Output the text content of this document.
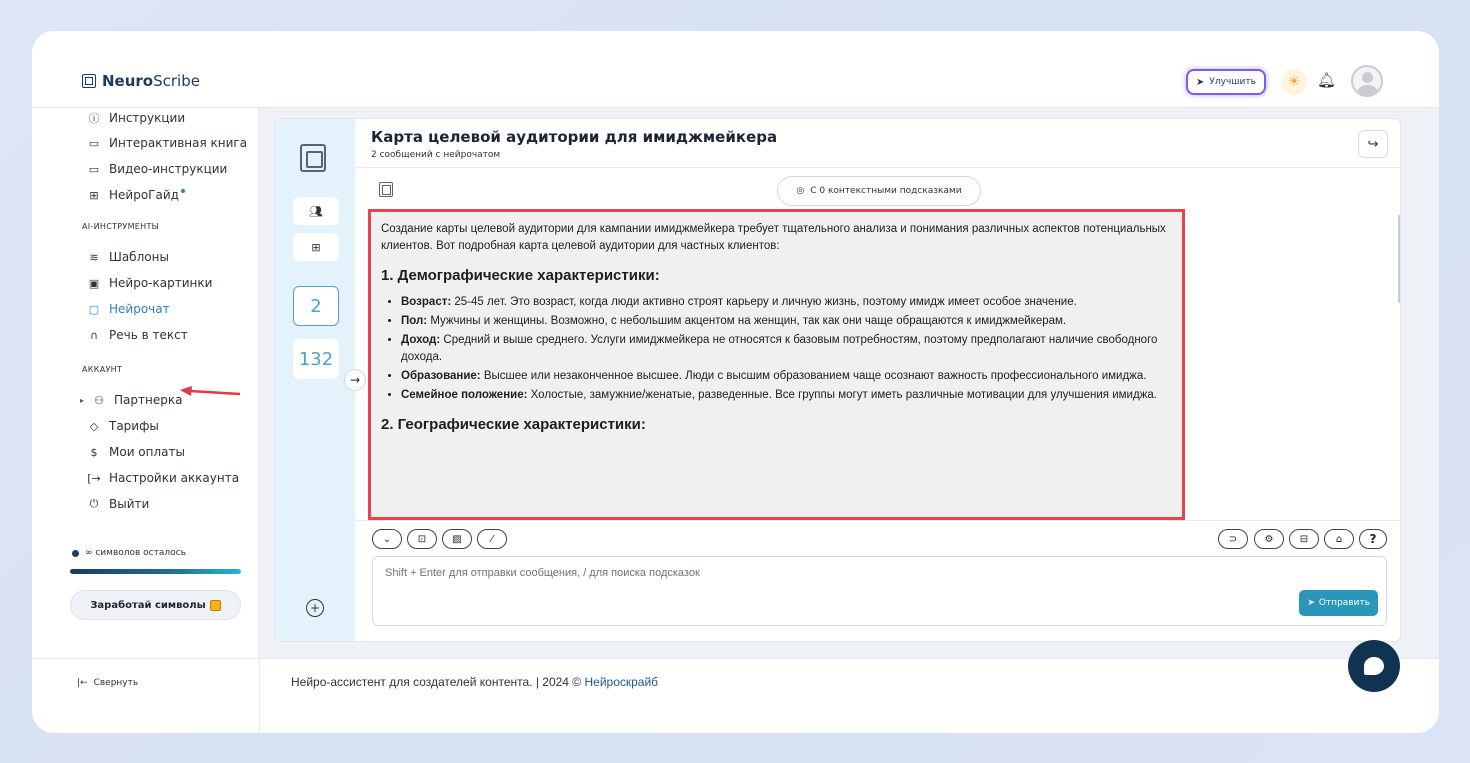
NeuroScribe	➤ Улучшить	☀	🔔︎
ⓘ Инструкции
▭ Интерактивная книга
▭ Видео-инструкции
⊞ НейроГайд
AI-ИНСТРУМЕНТЫ
≋ Шаблоны
▣ Нейро-картинки
▢ Нейрочат
∩ Речь в текст
АККАУНТ
▸ ⚇ Партнерка
◇ Тарифы
$ Мои оплаты
[→ Настройки аккаунта
⏻ Выйти
∞ символов осталось
Заработай символы
👥︎
⊞
2
132
+
→
Карта целевой аудитории для имиджмейкера
2 сообщений с нейрочатом
↪
◎ С 0 контекстными подсказками

Создание карты целевой аудитории для кампании имиджмейкера требует тщательного анализа и понимания различных аспектов потенциальных клиентов. Вот подробная карта целевой аудитории для частных клиентов:

1. Демографические характеристики:
• Возраст: 25-45 лет. Это возраст, когда люди активно строят карьеру и личную жизнь, поэтому имидж имеет особое значение.
• Пол: Мужчины и женщины. Возможно, с небольшим акцентом на женщин, так как они чаще обращаются к имиджмейкерам.
• Доход: Средний и выше среднего. Услуги имиджмейкера не относятся к базовым потребностям, поэтому предполагают наличие свободного дохода.
• Образование: Высшее или незаконченное высшее. Люди с высшим образованием чаще осознают важность профессионального имиджа.
• Семейное положение: Холостые, замужние/женатые, разведенные. Все группы могут иметь различные мотивации для улучшения имиджа.
2. Географические характеристики:
⌄	⊡	▨	⁄	⊃	⚙	⊟	⌂	?
Shift + Enter для отправки сообщения, / для поиска подсказок
➤ Отправить
|← Свернуть	Нейро-ассистент для создателей контента. | 2024 © Нейроскрайб
